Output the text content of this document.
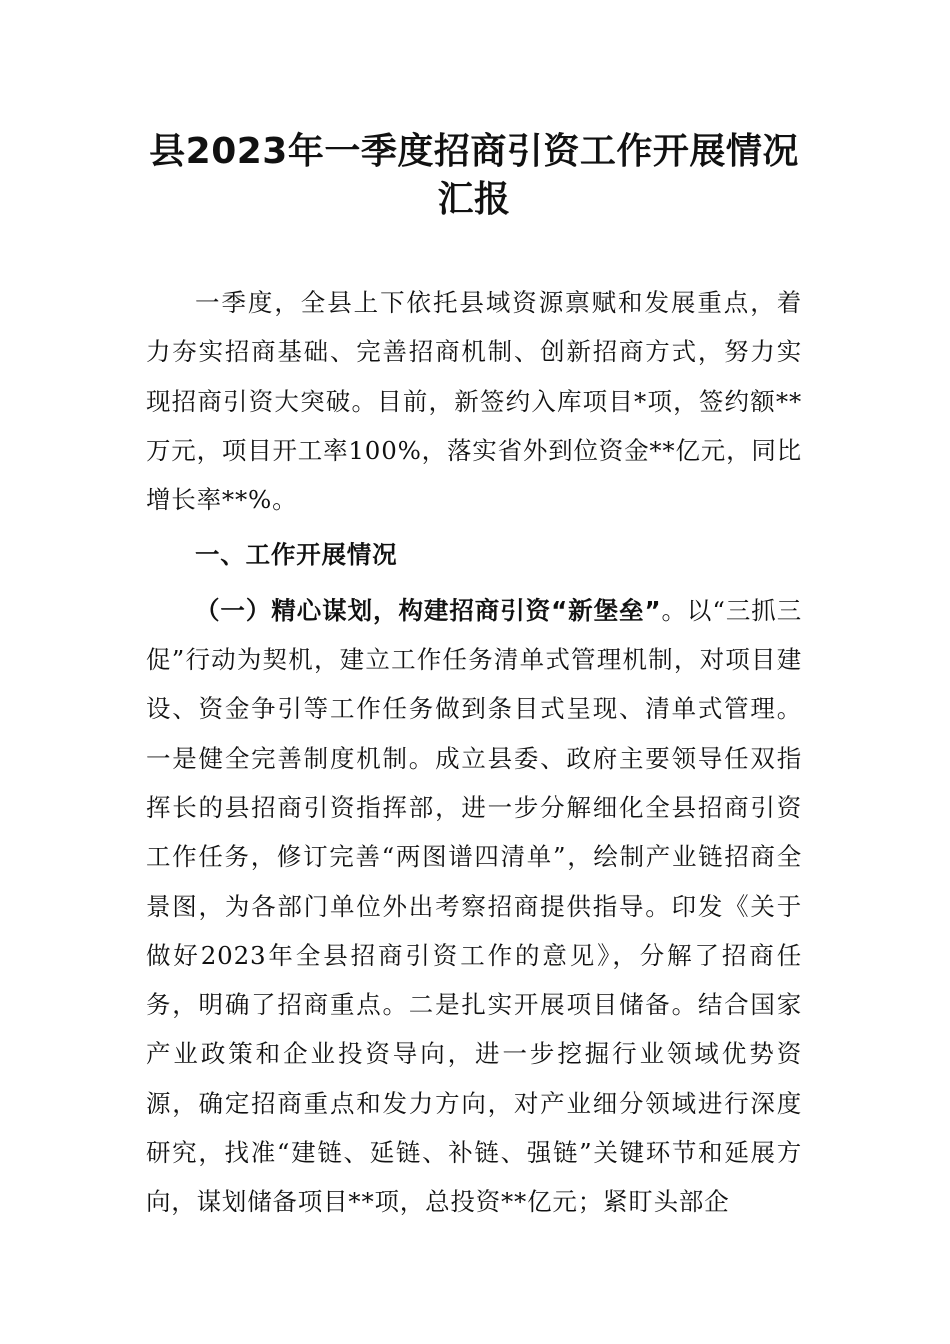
县2023年一季度招商引资工作开展情况汇报

一季度，全县上下依托县域资源禀赋和发展重点，着力夯实招商基础、完善招商机制、创新招商方式，努力实现招商引资大突破。目前，新签约入库项目*项，签约额**万元，项目开工率100%，落实省外到位资金**亿元，同比增长率**%。

一、工作开展情况

（一）精心谋划，构建招商引资“新堡垒”。以“三抓三促”行动为契机，建立工作任务清单式管理机制，对项目建设、资金争引等工作任务做到条目式呈现、清单式管理。一是健全完善制度机制。成立县委、政府主要领导任双指挥长的县招商引资指挥部，进一步分解细化全县招商引资工作任务，修订完善“两图谱四清单”，绘制产业链招商全景图，为各部门单位外出考察招商提供指导。印发《关于做好2023年全县招商引资工作的意见》，分解了招商任务，明确了招商重点。二是扎实开展项目储备。结合国家产业政策和企业投资导向，进一步挖掘行业领域优势资源，确定招商重点和发力方向，对产业细分领域进行深度研究，找准“建链、延链、补链、强链”关键环节和延展方向，谋划储备项目**项，总投资**亿元；紧盯头部企
